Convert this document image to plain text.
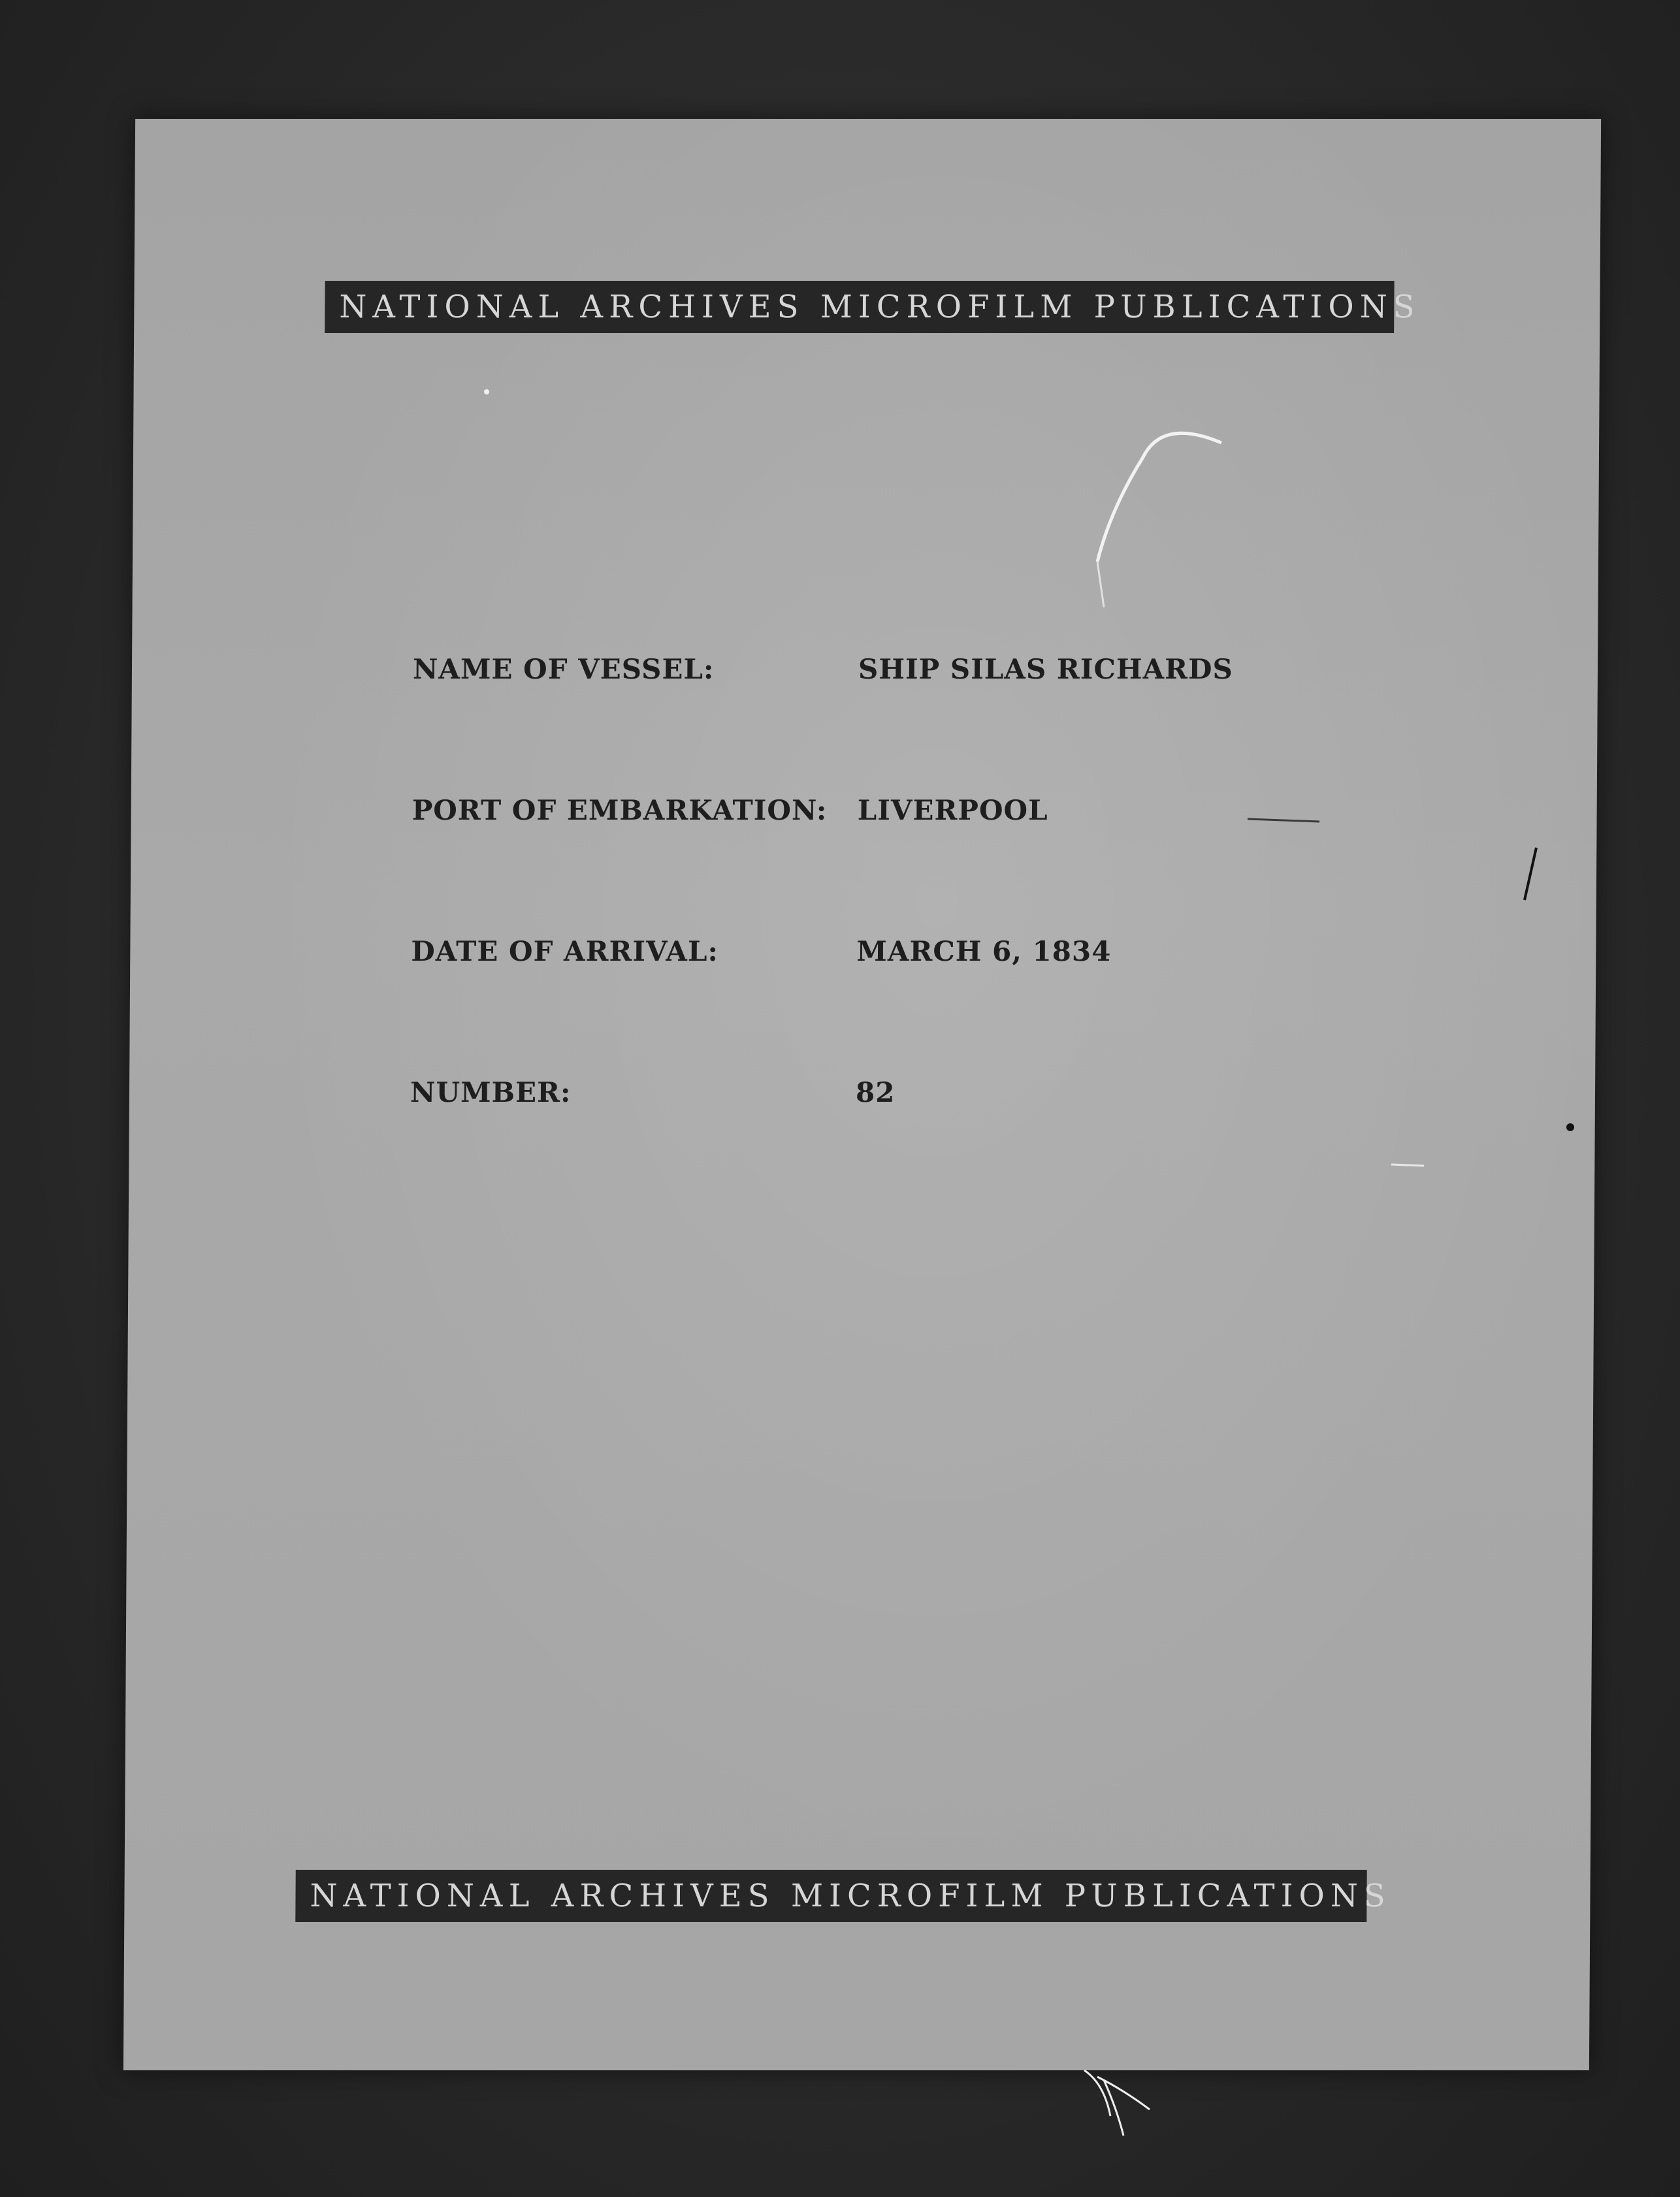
NATIONAL ARCHIVES MICROFILM PUBLICATIONS
NAME OF VESSEL:	SHIP SILAS RICHARDS
PORT OF EMBARKATION: LIVERPOOL
DATE OF ARRIVAL:	MARCH 6, 1834
NUMBER:	82
NATIONAL ARCHIVES MICROFILM PUBLICATIONS
